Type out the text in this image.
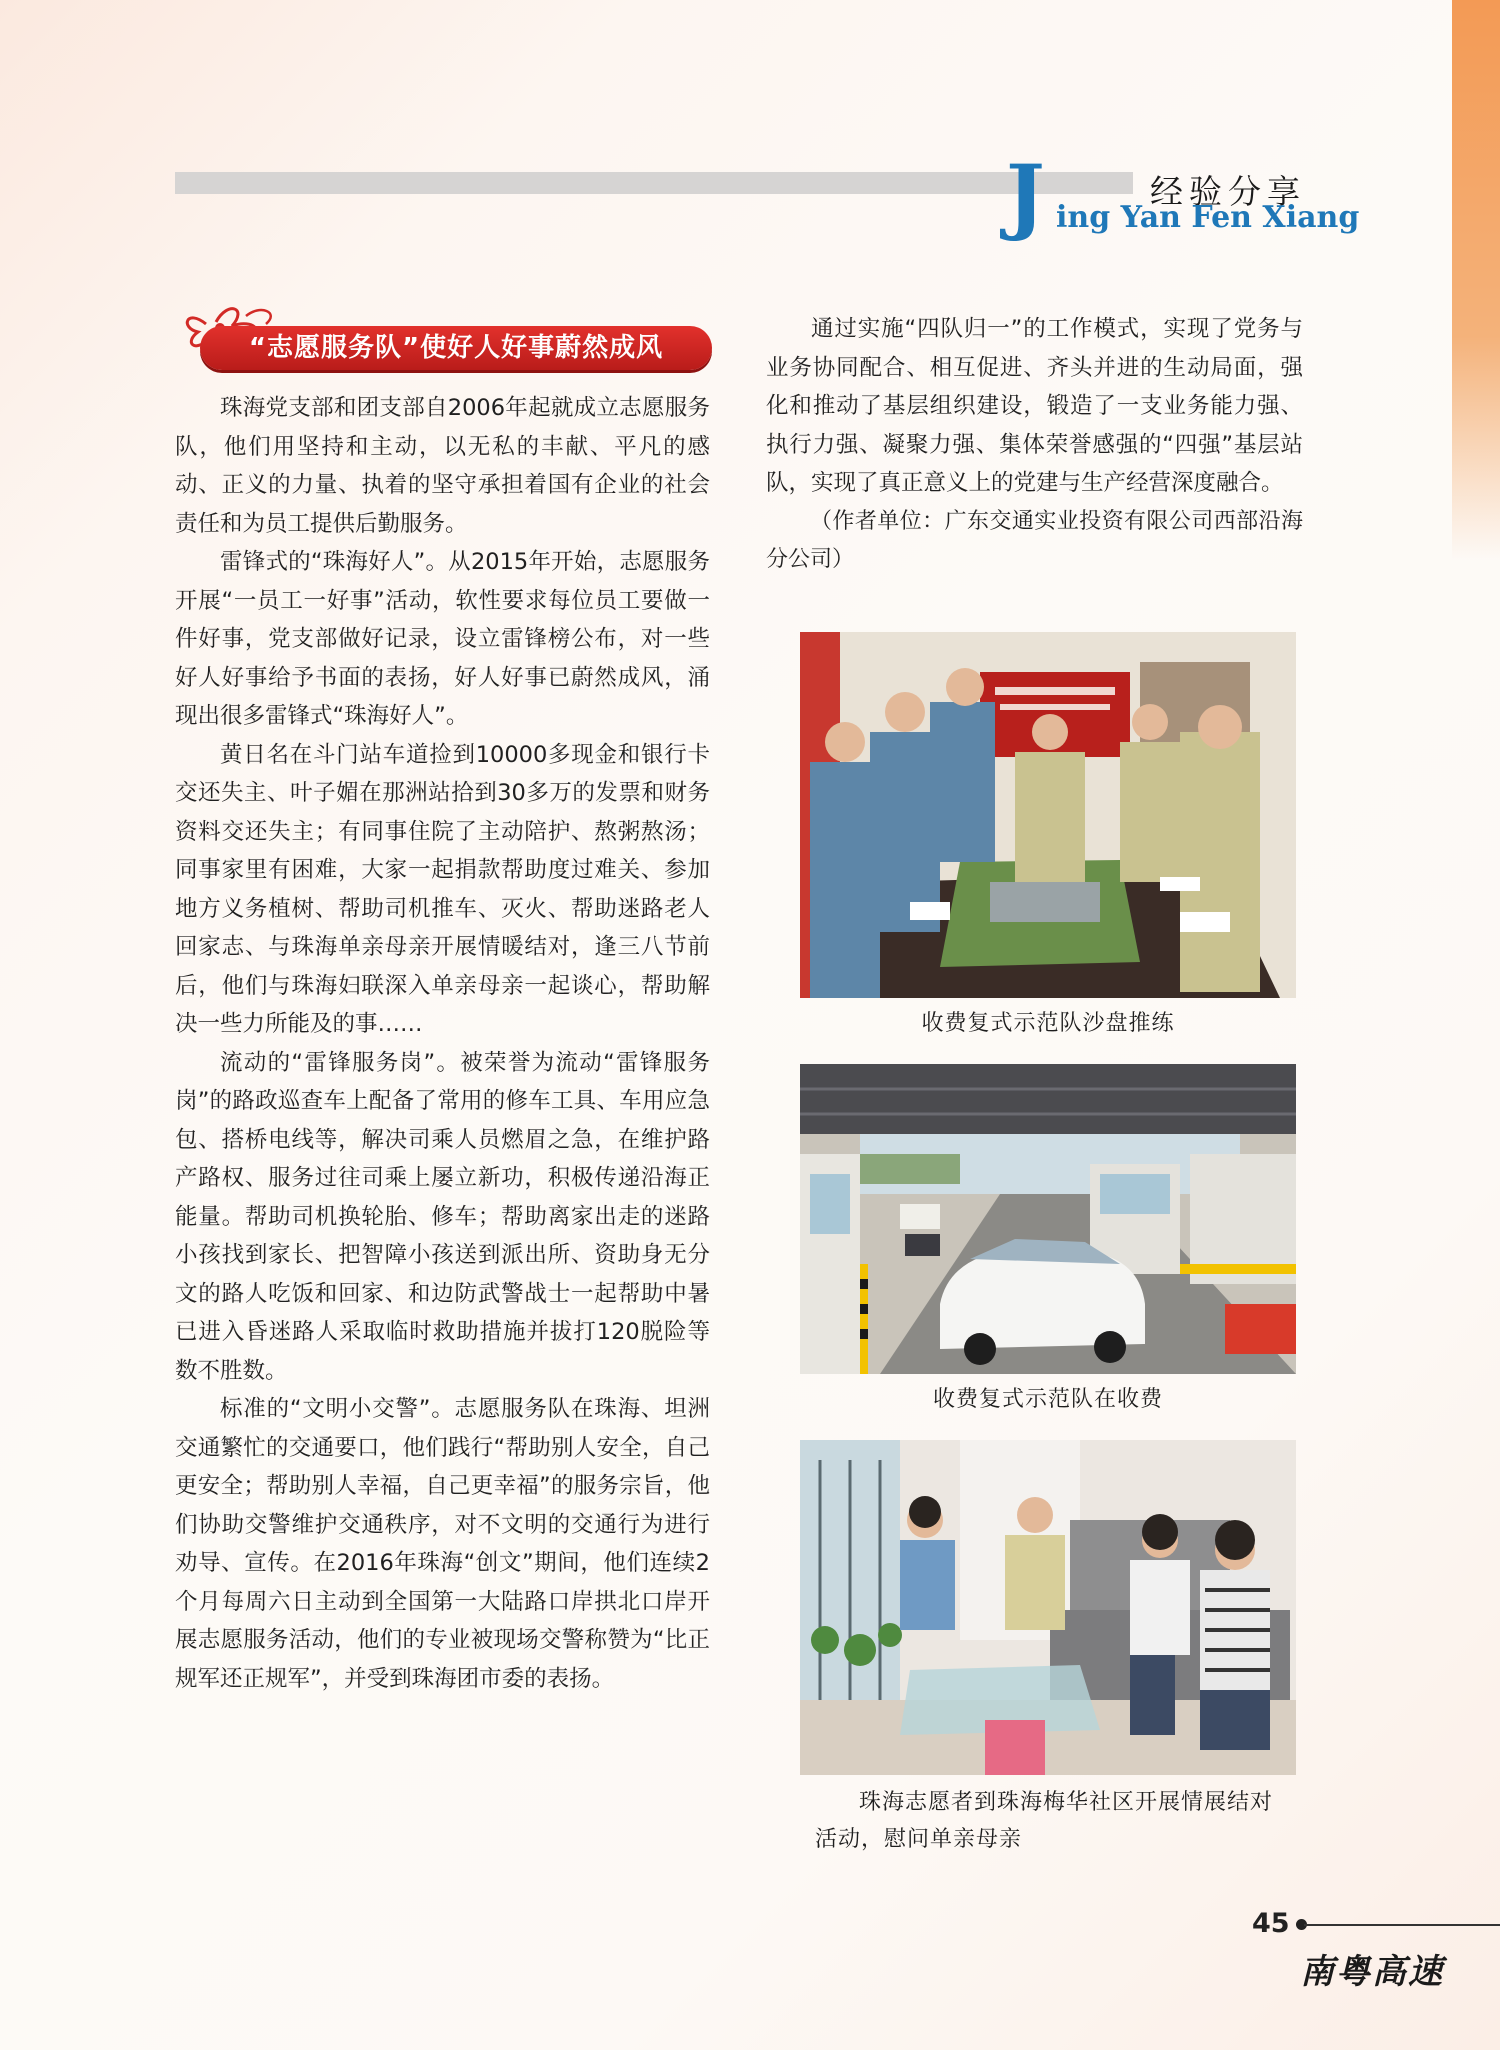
J	经验分享
ing Yan Fen Xiang
“志愿服务队”使好人好事蔚然成风

珠海党支部和团支部自2006年起就成立志愿服务队，他们用坚持和主动，以无私的丰献、平凡的感动、正义的力量、执着的坚守承担着国有企业的社会责任和为员工提供后勤服务。

雷锋式的“珠海好人”。从2015年开始，志愿服务开展“一员工一好事”活动，软性要求每位员工要做一件好事，党支部做好记录，设立雷锋榜公布，对一些好人好事给予书面的表扬，好人好事已蔚然成风，涌现出很多雷锋式“珠海好人”。

黄日名在斗门站车道捡到10000多现金和银行卡交还失主、叶子媚在那洲站拾到30多万的发票和财务资料交还失主；有同事住院了主动陪护、熬粥熬汤；同事家里有困难，大家一起捐款帮助度过难关、参加地方义务植树、帮助司机推车、灭火、帮助迷路老人回家志、与珠海单亲母亲开展情暖结对，逢三八节前后，他们与珠海妇联深入单亲母亲一起谈心，帮助解决一些力所能及的事……

流动的“雷锋服务岗”。被荣誉为流动“雷锋服务岗”的路政巡查车上配备了常用的修车工具、车用应急包、搭桥电线等，解决司乘人员燃眉之急，在维护路产路权、服务过往司乘上屡立新功，积极传递沿海正能量。帮助司机换轮胎、修车；帮助离家出走的迷路小孩找到家长、把智障小孩送到派出所、资助身无分文的路人吃饭和回家、和边防武警战士一起帮助中暑已进入昏迷路人采取临时救助措施并拔打120脱险等数不胜数。

标准的“文明小交警”。志愿服务队在珠海、坦洲交通繁忙的交通要口，他们践行“帮助别人安全，自己更安全；帮助别人幸福，自己更幸福”的服务宗旨，他们协助交警维护交通秩序，对不文明的交通行为进行劝导、宣传。在2016年珠海“创文”期间，他们连续2个月每周六日主动到全国第一大陆路口岸拱北口岸开展志愿服务活动，他们的专业被现场交警称赞为“比正规军还正规军”，并受到珠海团市委的表扬。

通过实施“四队归一”的工作模式，实现了党务与业务协同配合、相互促进、齐头并进的生动局面，强化和推动了基层组织建设，锻造了一支业务能力强、执行力强、凝聚力强、集体荣誉感强的“四强”基层站队，实现了真正意义上的党建与生产经营深度融合。

（作者单位：广东交通实业投资有限公司西部沿海分公司）

收费复式示范队沙盘推练
收费复式示范队在收费
珠海志愿者到珠海梅华社区开展情展结对活动，慰问单亲母亲
45
南粤高速
